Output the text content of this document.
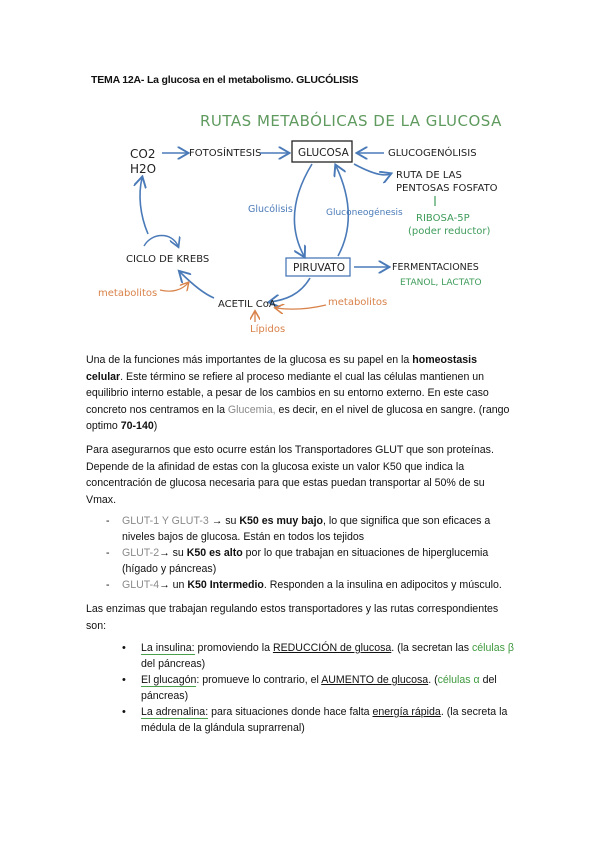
TEMA 12A- La glucosa en el metabolismo. GLUCÓLISIS
RUTAS METABÓLICAS DE LA GLUCOSA
CO2
H2O
FOTOSÍNTESIS	GLUCOSA	GLUCOGENÓLISIS
RUTA DE LAS
PENTOSAS FOSFATO
RIBOSA-5P
(poder reductor)
Glucólisis	Gluconeogénesis
PIRUVATO	FERMENTACIONES
ETANOL, LACTATO
ACETIL CoA	metabolitos
Lípidos
CICLO DE KREBS
metabolitos

Una de la funciones más importantes de la glucosa es su papel en la homeostasis celular. Este término se refiere al proceso mediante el cual las células mantienen un equilibrio interno estable, a pesar de los cambios en su entorno externo. En este caso concreto nos centramos en la Glucemia, es decir, en el nivel de glucosa en sangre. (rango optimo 70-140)

Para asegurarnos que esto ocurre están los Transportadores GLUT que son proteínas. Depende de la afinidad de estas con la glucosa existe un valor K50 que indica la concentración de glucosa necesaria para que estas puedan transportar al 50% de su Vmax.

- GLUT-1 Y GLUT-3 → su K50 es muy bajo, lo que significa que son eficaces a niveles bajos de glucosa. Están en todos los tejidos
- GLUT-2→ su K50 es alto por lo que trabajan en situaciones de hiperglucemia (hígado y páncreas)
- GLUT-4→ un K50 Intermedio. Responden a la insulina en adipocitos y músculo.

Las enzimas que trabajan regulando estos transportadores y las rutas correspondientes son:

• La insulina: promoviendo la REDUCCIÓN de glucosa. (la secretan las células β del páncreas)
• El glucagón: promueve lo contrario, el AUMENTO de glucosa. (células α del páncreas)
• La adrenalina: para situaciones donde hace falta energía rápida. (la secreta la médula de la glándula suprarrenal)
